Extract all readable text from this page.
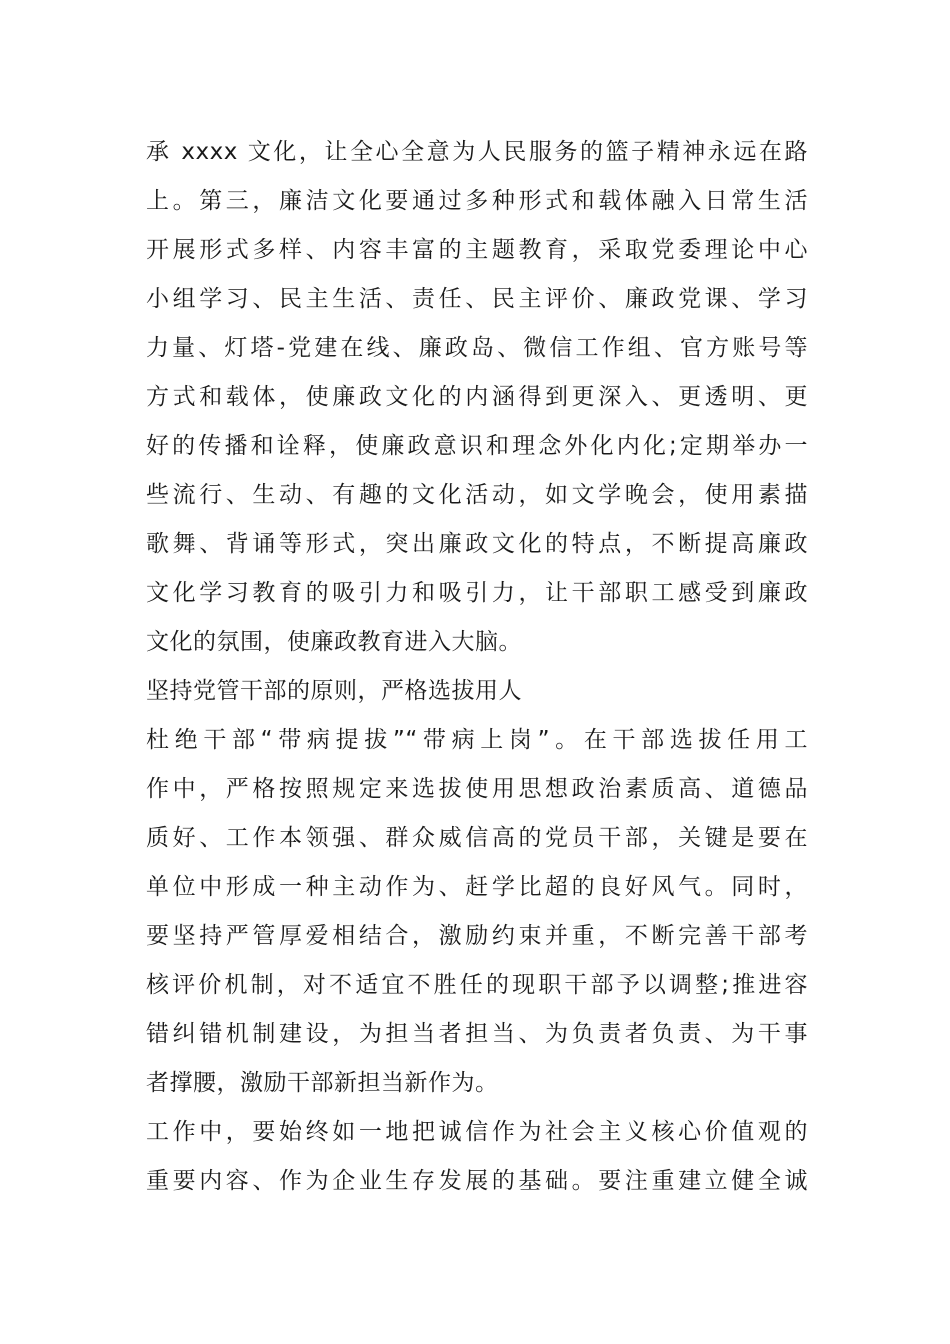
承 xxxx 文化，让全心全意为人民服务的篮子精神永远在路
上。第三，廉洁文化要通过多种形式和载体融入日常生活
开展形式多样、内容丰富的主题教育，采取党委理论中心
小组学习、民主生活、责任、民主评价、廉政党课、学习
力量、灯塔-党建在线、廉政岛、微信工作组、官方账号等
方式和载体，使廉政文化的内涵得到更深入、更透明、更
好的传播和诠释，使廉政意识和理念外化内化;定期举办一
些流行、生动、有趣的文化活动，如文学晚会，使用素描
歌舞、背诵等形式，突出廉政文化的特点，不断提高廉政
文化学习教育的吸引力和吸引力，让干部职工感受到廉政
文化的氛围，使廉政教育进入大脑。
坚持党管干部的原则，严格选拔用人
杜绝干部“带病提拔”“带病上岗”。在干部选拔任用工
作中，严格按照规定来选拔使用思想政治素质高、道德品
质好、工作本领强、群众威信高的党员干部，关键是要在
单位中形成一种主动作为、赶学比超的良好风气。同时，
要坚持严管厚爱相结合，激励约束并重，不断完善干部考
核评价机制，对不适宜不胜任的现职干部予以调整;推进容
错纠错机制建设，为担当者担当、为负责者负责、为干事
者撑腰，激励干部新担当新作为。
工作中，要始终如一地把诚信作为社会主义核心价值观的
重要内容、作为企业生存发展的基础。要注重建立健全诚
